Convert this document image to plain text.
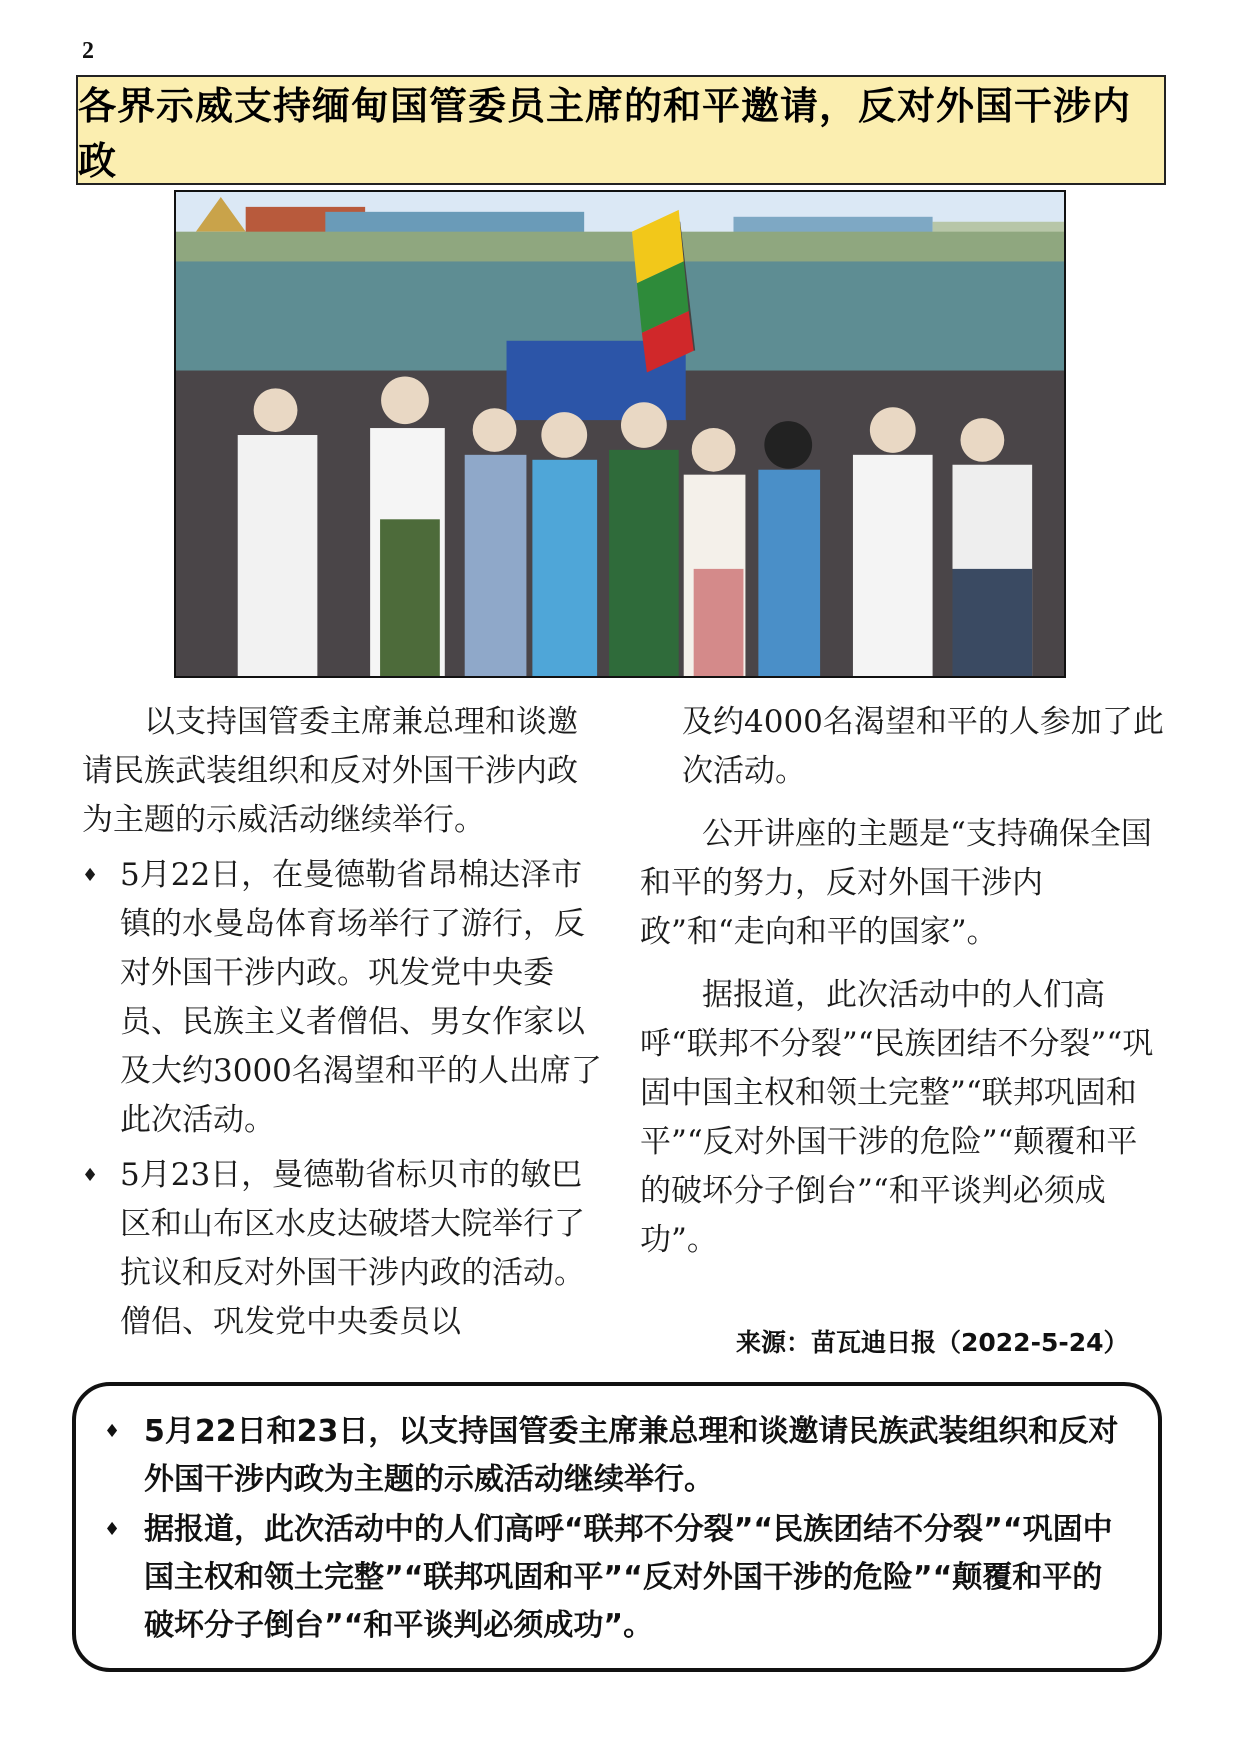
2
各界示威支持缅甸国管委员主席的和平邀请，反对外国干涉内政

以支持国管委主席兼总理和谈邀请民族武装组织和反对外国干涉内政为主题的示威活动继续举行。

♦ 5月22日，在曼德勒省昂棉达泽市镇的水曼岛体育场举行了游行，反对外国干涉内政。巩发党中央委员、民族主义者僧侣、男女作家以及大约3000名渴望和平的人出席了此次活动。

♦ 5月23日，曼德勒省标贝市的敏巴区和山布区水皮达破塔大院举行了抗议和反对外国干涉内政的活动。僧侣、巩发党中央委员以

及约4000名渴望和平的人参加了此次活动。

公开讲座的主题是“支持确保全国和平的努力，反对外国干涉内政”和“走向和平的国家”。

据报道，此次活动中的人们高呼“联邦不分裂”“民族团结不分裂”“巩固中国主权和领土完整”“联邦巩固和平”“反对外国干涉的危险”“颠覆和平的破坏分子倒台”“和平谈判必须成功”。

来源：苗瓦迪日报（2022-5-24）
♦ 5月22日和23日，以支持国管委主席兼总理和谈邀请民族武装组织和反对外国干涉内政为主题的示威活动继续举行。
♦ 据报道，此次活动中的人们高呼“联邦不分裂”“民族团结不分裂”“巩固中国主权和领土完整”“联邦巩固和平”“反对外国干涉的危险”“颠覆和平的破坏分子倒台”“和平谈判必须成功”。
